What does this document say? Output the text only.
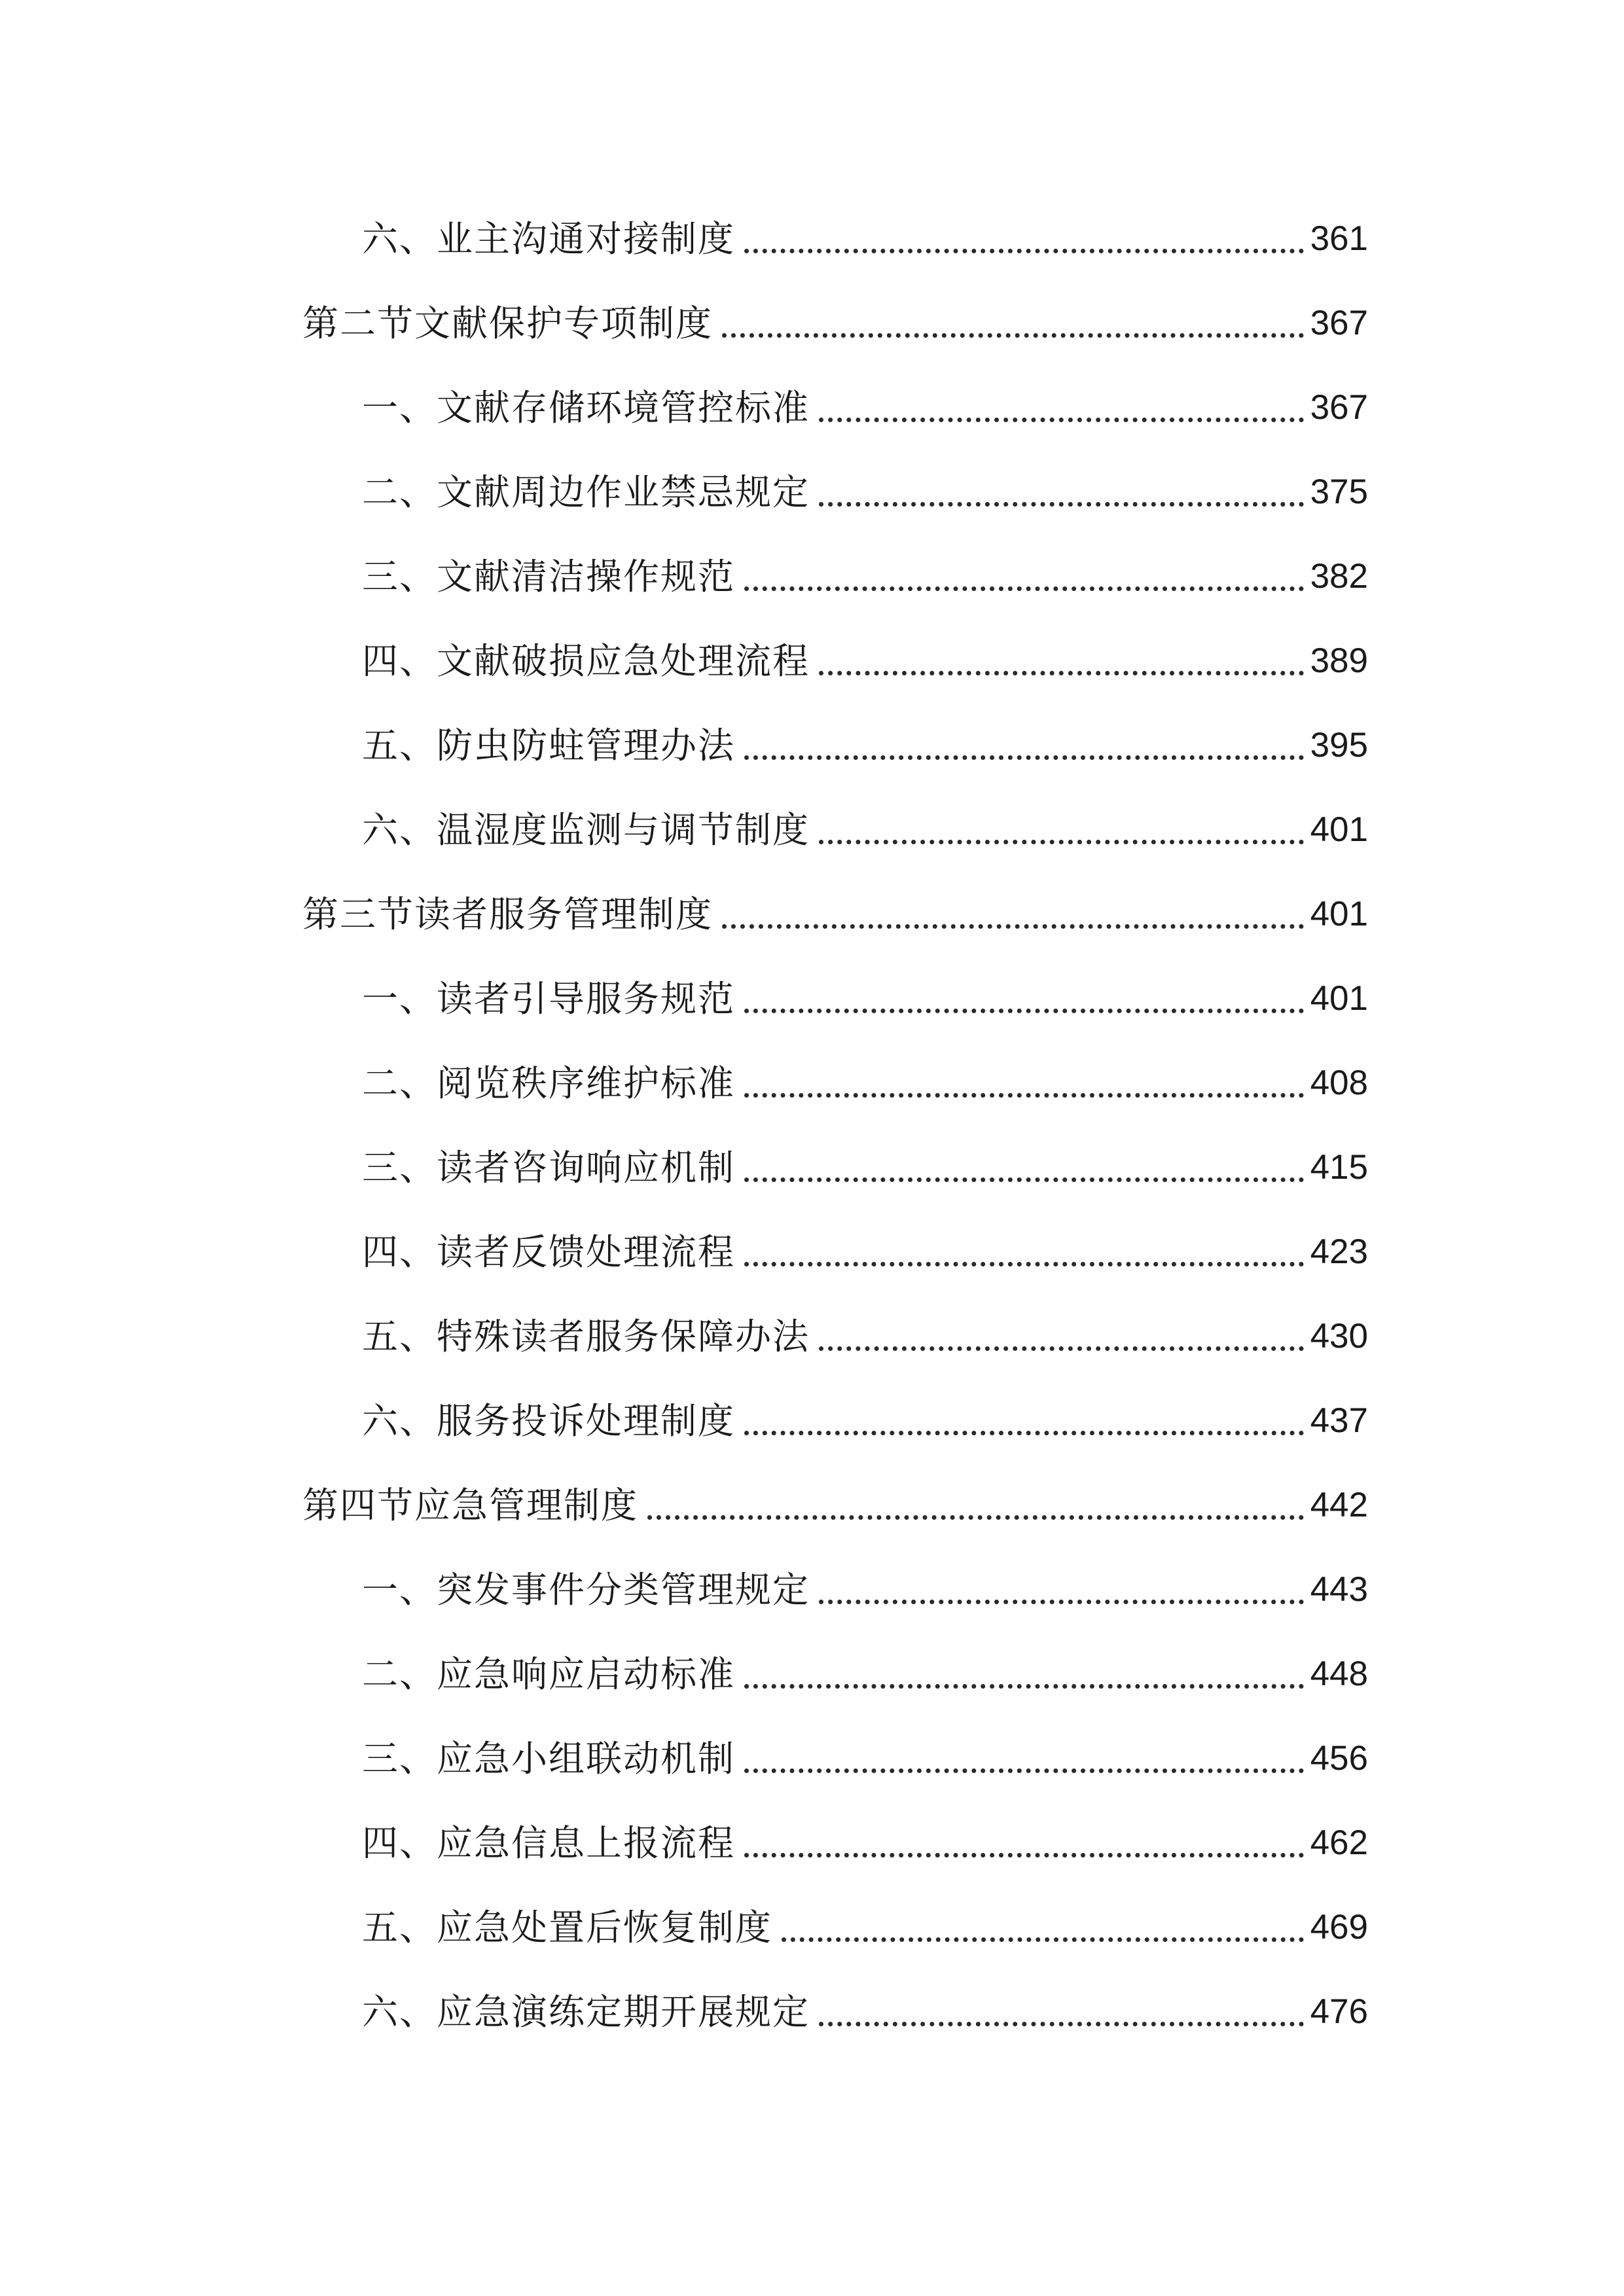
六、业主沟通对接制度	361
第二节文献保护专项制度	367
一、文献存储环境管控标准	367
二、文献周边作业禁忌规定	375
三、文献清洁操作规范	382
四、文献破损应急处理流程	389
五、防虫防蛀管理办法	395
六、温湿度监测与调节制度	401
第三节读者服务管理制度	401
一、读者引导服务规范	401
二、阅览秩序维护标准	408
三、读者咨询响应机制	415
四、读者反馈处理流程	423
五、特殊读者服务保障办法	430
六、服务投诉处理制度	437
第四节应急管理制度	442
一、突发事件分类管理规定	443
二、应急响应启动标准	448
三、应急小组联动机制	456
四、应急信息上报流程	462
五、应急处置后恢复制度	469
六、应急演练定期开展规定	476
